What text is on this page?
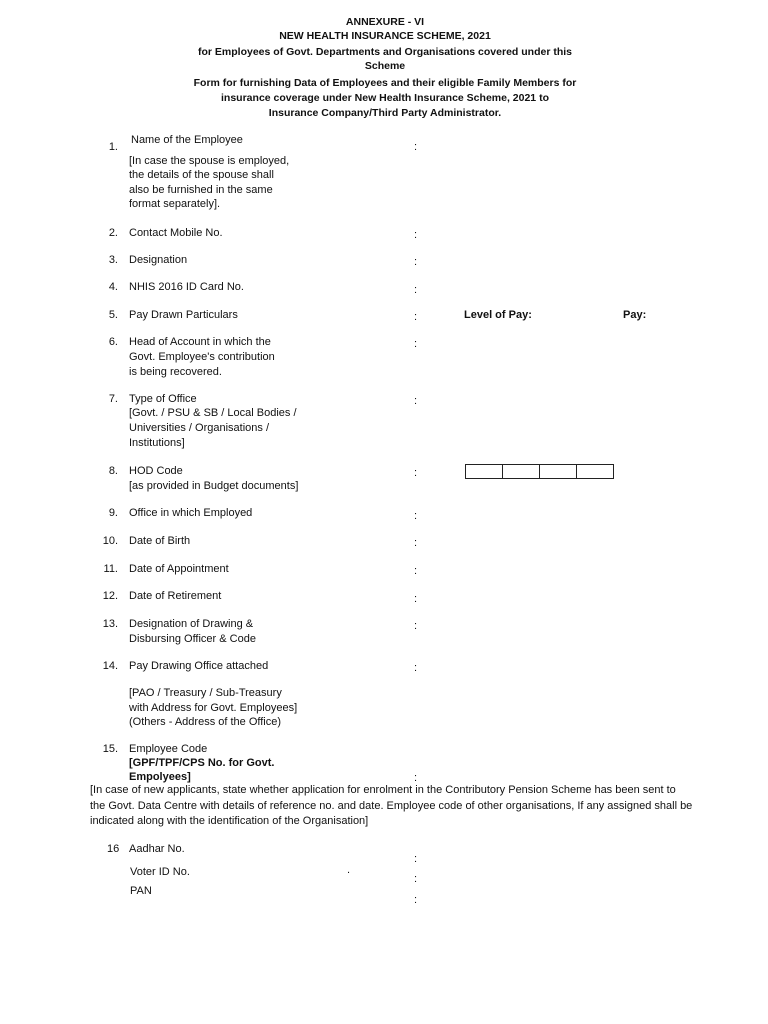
ANNEXURE - VI
NEW HEALTH INSURANCE SCHEME, 2021
for Employees of Govt. Departments and Organisations covered under this
Scheme
Form for furnishing Data of Employees and their eligible Family Members for
insurance coverage under New Health Insurance Scheme, 2021 to
Insurance Company/Third Party Administrator.
1.
Name of the Employee
:
[In case the spouse is employed,
the details of the spouse shall
also be furnished in the same
format separately].
2. Contact Mobile No.	:
3. Designation	:
4. NHIS 2016 ID Card No.	:
5. Pay Drawn Particulars	:	Level of Pay:	Pay:
6. Head of Account in which the	:
Govt. Employee's contribution
is being recovered.
7. Type of Office	:
[Govt. / PSU & SB / Local Bodies /
Universities / Organisations /
Institutions]
8. HOD Code	:
[as provided in Budget documents]
9. Office in which Employed	:
10. Date of Birth	:
11. Date of Appointment	:
12. Date of Retirement	:
13. Designation of Drawing &	:
Disbursing Officer & Code
14. Pay Drawing Office attached	:
[PAO / Treasury / Sub-Treasury
with Address for Govt. Employees]
(Others - Address of the Office)
15. Employee Code
[GPF/TPF/CPS No. for Govt.
Empolyees]	:
[In case of new applicants, state whether application for enrolment in the Contributory Pension Scheme has been sent to
the Govt. Data Centre with details of reference no. and date. Employee code of other organisations, If any assigned shall be
indicated along with the identification of the Organisation]
16 Aadhar No.
:
Voter ID No.	.
:
PAN
:
